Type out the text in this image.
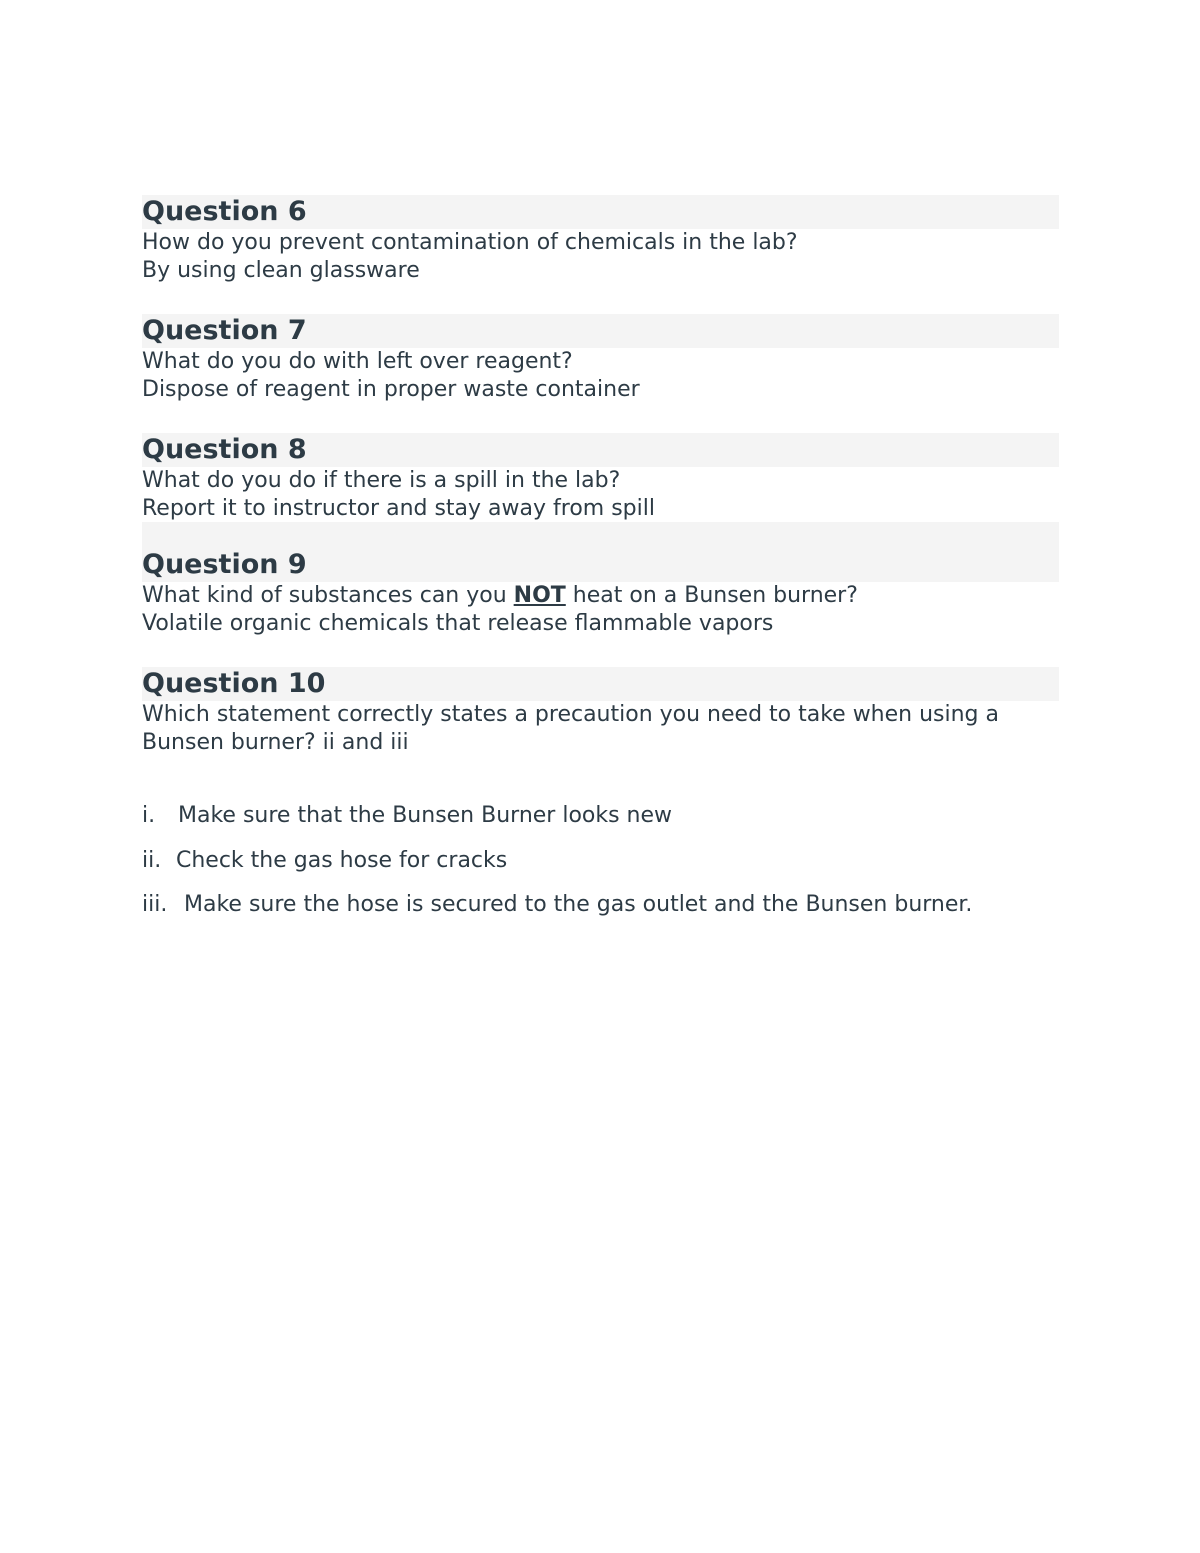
Question 6
How do you prevent contamination of chemicals in the lab?
By using clean glassware
Question 7
What do you do with left over reagent?
Dispose of reagent in proper waste container
Question 8
What do you do if there is a spill in the lab?
Report it to instructor and stay away from spill
Question 9
What kind of substances can you NOT heat on a Bunsen burner?
Volatile organic chemicals that release flammable vapors
Question 10
Which statement correctly states a precaution you need to take when using a Bunsen burner? ii and iii
i. Make sure that the Bunsen Burner looks new
ii. Check the gas hose for cracks
iii. Make sure the hose is secured to the gas outlet and the Bunsen burner.
